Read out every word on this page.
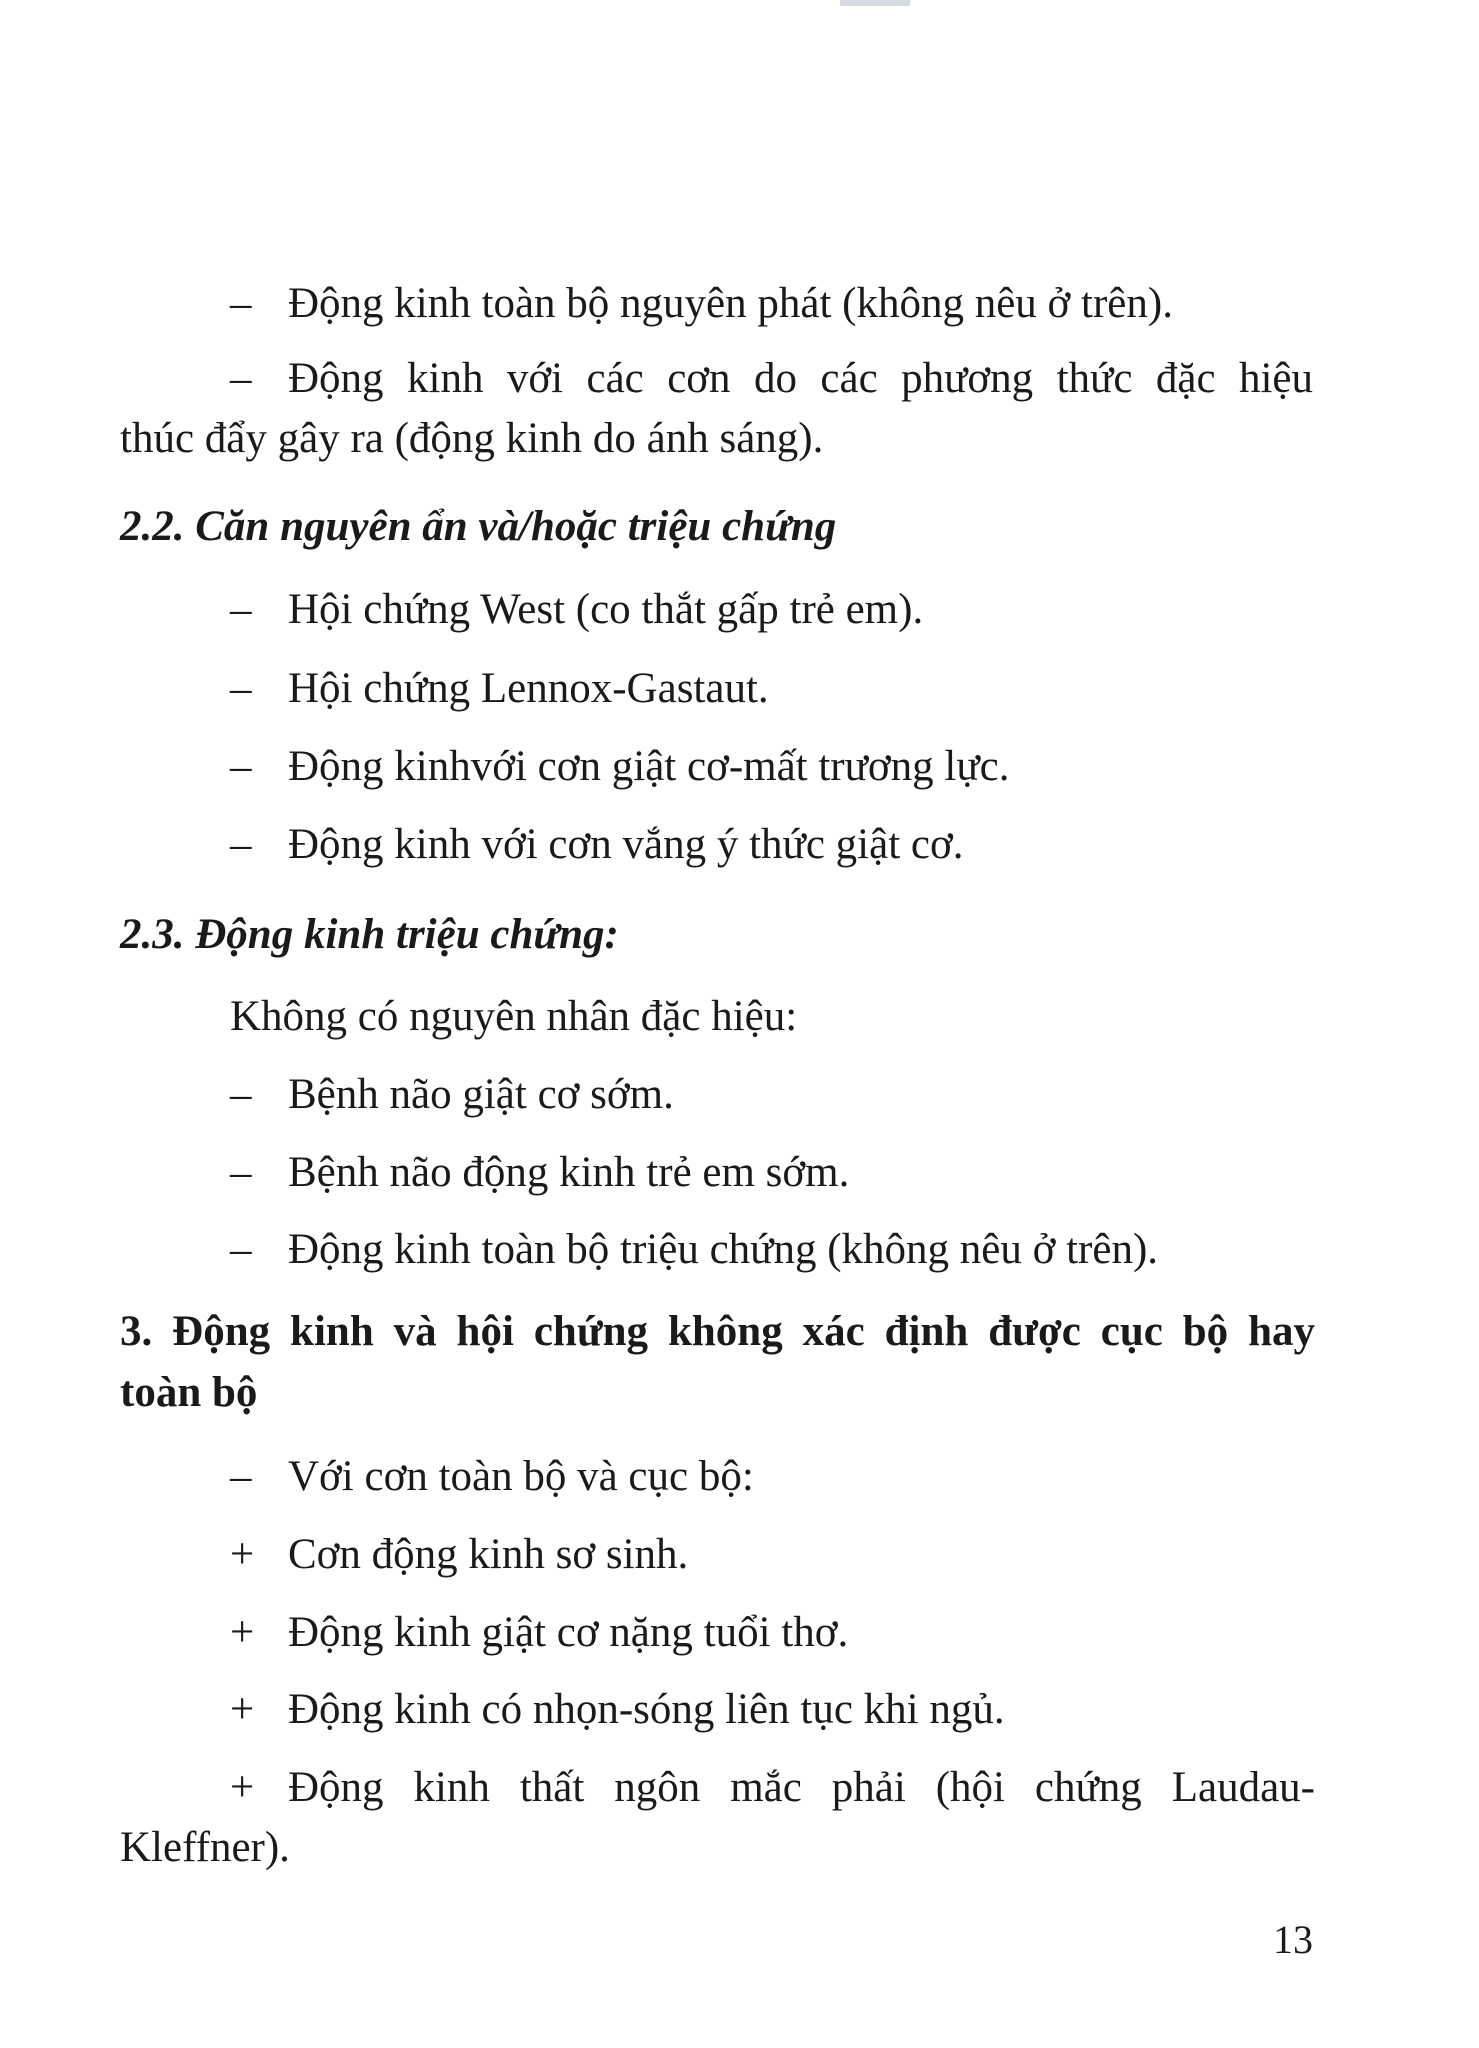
– Động kinh toàn bộ nguyên phát (không nêu ở trên).
– Động kinh với các cơn do các phương thức đặc hiệu
thúc đẩy gây ra (động kinh do ánh sáng).
2.2. Căn nguyên ẩn và/hoặc triệu chứng
– Hội chứng West (co thắt gấp trẻ em).
– Hội chứng Lennox-Gastaut.
– Động kinhvới cơn giật cơ-mất trương lực.
– Động kinh với cơn vắng ý thức giật cơ.
2.3. Động kinh triệu chứng:
Không có nguyên nhân đặc hiệu:
– Bệnh não giật cơ sớm.
– Bệnh não động kinh trẻ em sớm.
– Động kinh toàn bộ triệu chứng (không nêu ở trên).
3. Động kinh và hội chứng không xác định được cục bộ hay
toàn bộ
– Với cơn toàn bộ và cục bộ:
+ Cơn động kinh sơ sinh.
+ Động kinh giật cơ nặng tuổi thơ.
+ Động kinh có nhọn-sóng liên tục khi ngủ.
+ Động kinh thất ngôn mắc phải (hội chứng Laudau-
Kleffner).
13
